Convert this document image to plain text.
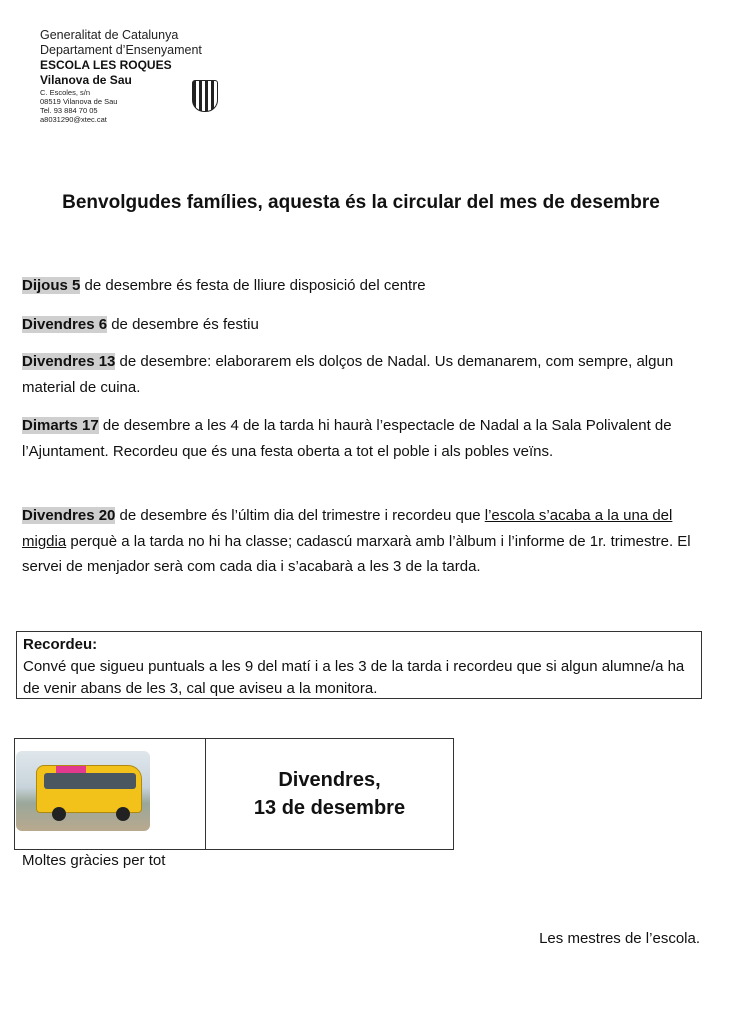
Generalitat de Catalunya
Departament d’Ensenyament
ESCOLA LES ROQUES
Vilanova de Sau
C. Escoles, s/n
08519 Vilanova de Sau
Tel. 93 884 70 05
a8031290@xtec.cat
Benvolgudes famílies, aquesta és la circular del mes de desembre
Dijous 5 de desembre és festa de lliure disposició del centre
Divendres 6 de desembre és festiu
Divendres 13 de desembre: elaborarem els dolços de Nadal. Us demanarem, com sempre, algun material de cuina.
Dimarts 17 de desembre a les 4 de la tarda hi haurà l’espectacle de Nadal a la Sala Polivalent de l’Ajuntament. Recordeu que és una festa oberta a tot el poble i als pobles veïns.
Divendres 20 de desembre és l’últim dia del trimestre i recordeu que l’escola s’acaba a la una del migdia perquè a la tarda no hi ha classe; cadascú marxarà amb l’àlbum i l’informe de 1r. trimestre. El servei de menjador serà com cada dia i s’acabarà a les 3 de la tarda.
Recordeu:
Convé que sigueu puntuals a les 9 del matí i a les 3 de la tarda i recordeu que si algun alumne/a ha de venir abans de les 3, cal que aviseu a la monitora.
Divendres,
13 de desembre
Moltes gràcies per tot
Les mestres de l’escola.
